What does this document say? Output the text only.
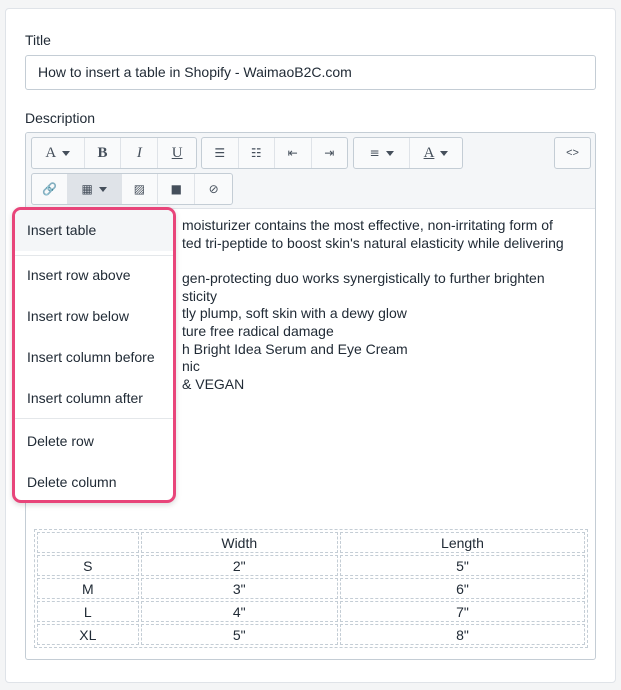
Title
How to insert a table in Shopify - WaimaoB2C.com
Description
A	B I U	☰ ☷ ⇤ ⇥	≡	A	<>
🔗 ▦	▨ ■ ⊘
moisturizer contains the most effective, non-irritating form of
ted tri-peptide to boost skin's natural elasticity while delivering
gen-protecting duo works synergistically to further brighten
sticity
tly plump, soft skin with a dewy glow
ture free radical damage
h Bright Idea Serum and Eye Cream
nic
& VEGAN
	Width	Length
S	2"	5"
M	3"	6"
L	4"	7"
XL	5"	8"
Insert table
Insert row above
Insert row below
Insert column before
Insert column after
Delete row
Delete column
